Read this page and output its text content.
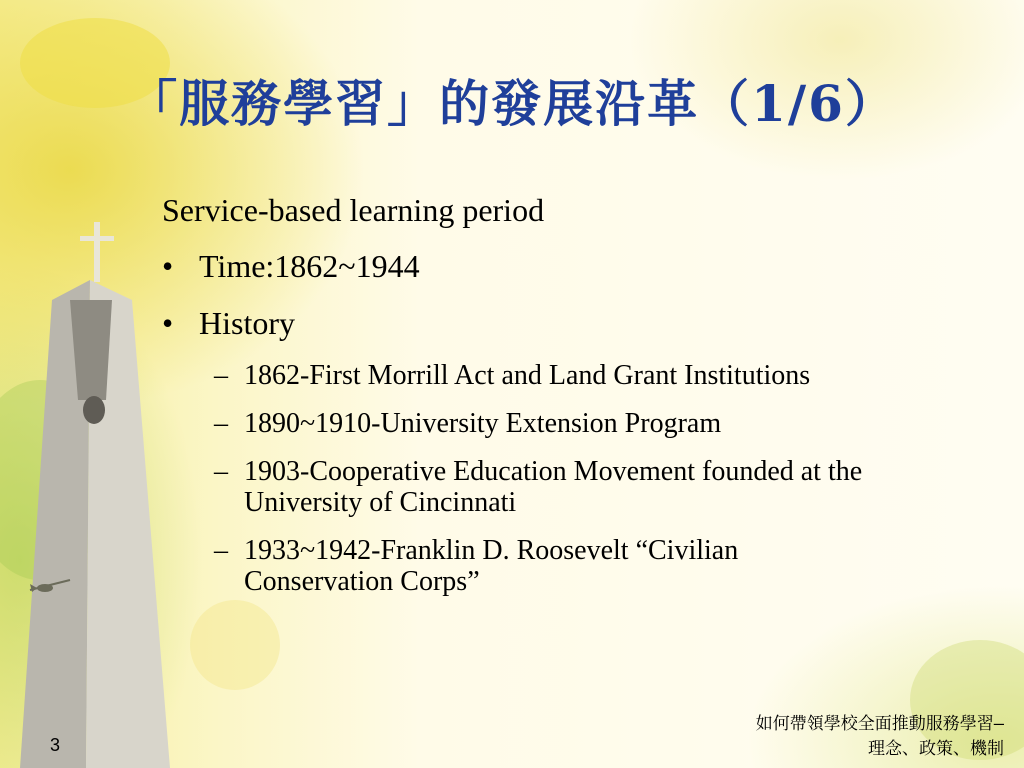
「服務學習」的發展沿革（1/6）
Service-based learning period
• Time:1862~1944
• History
– 1862-First Morrill Act and Land Grant Institutions
– 1890~1910-University Extension Program
– 1903-Cooperative Education Movement founded at the University of Cincinnati
– 1933~1942-Franklin D. Roosevelt “Civilian Conservation Corps”
如何帶領學校全面推動服務學習–
理念、政策、機制
3
